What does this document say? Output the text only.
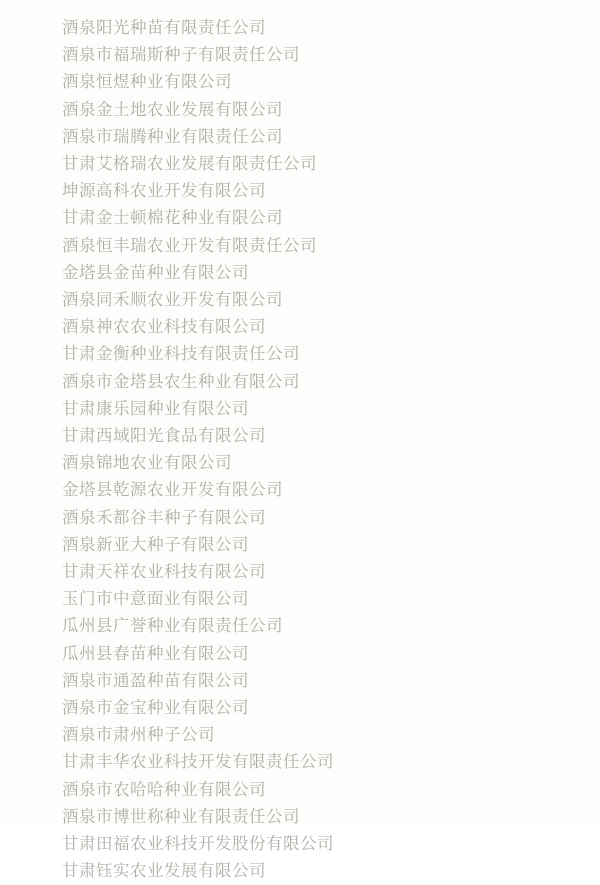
酒泉阳光种苗有限责任公司
酒泉市福瑞斯种子有限责任公司
酒泉恒煜种业有限公司
酒泉金土地农业发展有限公司
酒泉市瑞腾种业有限责任公司
甘肃艾格瑞农业发展有限责任公司
坤源高科农业开发有限公司
甘肃金士顿棉花种业有限公司
酒泉恒丰瑞农业开发有限责任公司
金塔县金苗种业有限公司
酒泉同禾顺农业开发有限公司
酒泉神农农业科技有限公司
甘肃金衡种业科技有限责任公司
酒泉市金塔县农生种业有限公司
甘肃康乐园种业有限公司
甘肃西域阳光食品有限公司
酒泉锦地农业有限公司
金塔县乾源农业开发有限公司
酒泉禾都谷丰种子有限公司
酒泉新亚大种子有限公司
甘肃天祥农业科技有限公司
玉门市中意面业有限公司
瓜州县广誉种业有限责任公司
瓜州县春苗种业有限公司
酒泉市通盈种苗有限公司
酒泉市金宝种业有限公司
酒泉市肃州种子公司
甘肃丰华农业科技开发有限责任公司
酒泉市农哈哈种业有限公司
酒泉市博世称种业有限责任公司
甘肃田福农业科技开发股份有限公司
甘肃钰实农业发展有限公司
